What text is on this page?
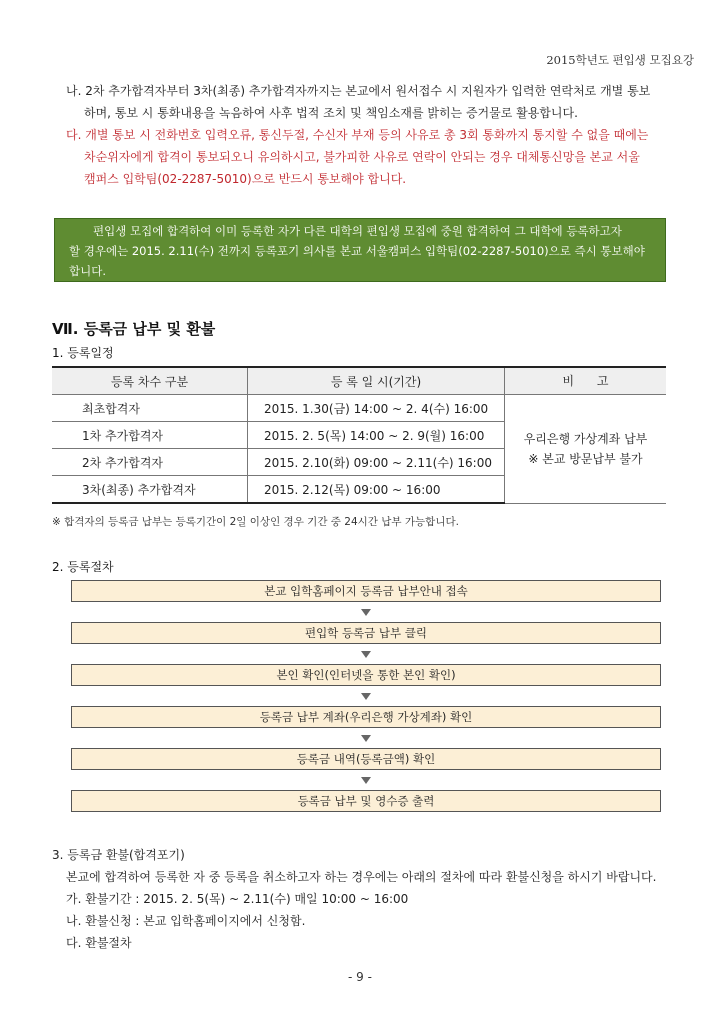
2015학년도 편입생 모집요강
나. 2차 추가합격자부터 3차(최종) 추가합격자까지는 본교에서 원서접수 시 지원자가 입력한 연락처로 개별 통보
하며, 통보 시 통화내용을 녹음하여 사후 법적 조치 및 책임소재를 밝히는 증거물로 활용합니다.
다. 개별 통보 시 전화번호 입력오류, 통신두절, 수신자 부재 등의 사유로 총 3회 통화까지 통지할 수 없을 때에는
차순위자에게 합격이 통보되오니 유의하시고, 불가피한 사유로 연락이 안되는 경우 대체통신망을 본교 서울
캠퍼스 입학팀(02-2287-5010)으로 반드시 통보해야 합니다.
편입생 모집에 합격하여 이미 등록한 자가 다른 대학의 편입생 모집에 중원 합격하여 그 대학에 등록하고자
할 경우에는 2015. 2.11(수) 전까지 등록포기 의사를 본교 서울캠퍼스 입학팀(02-2287-5010)으로 즉시 통보해야
합니다.
Ⅶ. 등록금 납부 및 환불
1. 등록일정
등록 차수 구분	등 록 일 시(기간)	비      고
최초합격자	2015. 1.30(금) 14:00 ~ 2. 4(수) 16:00	우리은행 가상계좌 납부
※ 본교 방문납부 불가

1차 추가합격자	2015. 2. 5(목) 14:00 ~ 2. 9(월) 16:00	
2차 추가합격자	2015. 2.10(화) 09:00 ~ 2.11(수) 16:00	
3차(최종) 추가합격자	2015. 2.12(목) 09:00 ~ 16:00	
※ 합격자의 등록금 납부는 등록기간이 2일 이상인 경우 기간 중 24시간 납부 가능합니다.
2. 등록절차
본교 입학홈페이지 등록금 납부안내 접속
편입학 등록금 납부 클릭
본인 확인(인터넷을 통한 본인 확인)
등록금 납부 계좌(우리은행 가상계좌) 확인
등록금 내역(등록금액) 확인
등록금 납부 및 영수증 출력
3. 등록금 환불(합격포기)
본교에 합격하여 등록한 자 중 등록을 취소하고자 하는 경우에는 아래의 절차에 따라 환불신청을 하시기 바랍니다.
가. 환불기간 : 2015. 2. 5(목) ~ 2.11(수) 매일 10:00 ~ 16:00
나. 환불신청 : 본교 입학홈페이지에서 신청함.
다. 환불절차
- 9 -
